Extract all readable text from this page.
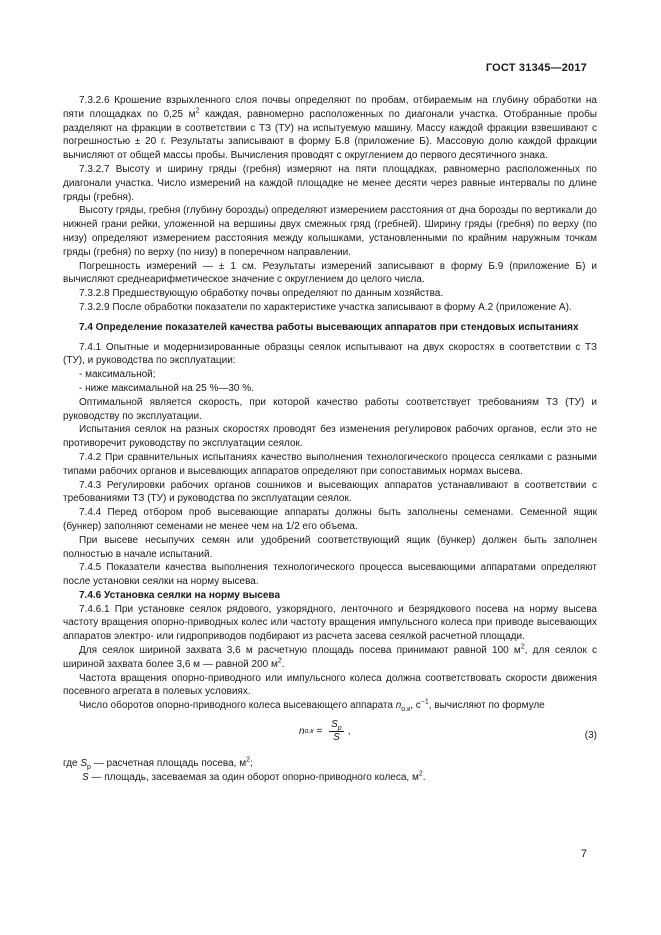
ГОСТ 31345—2017

7.3.2.6 Крошение взрыхленного слоя почвы определяют по пробам, отбираемым на глубину обработки на пяти площадках по 0,25 $м^2$ каждая, равномерно расположенных по диагонали участка. Отобранные пробы разделяют на фракции в соответствии с ТЗ (ТУ) на испытуемую машину. Массу каждой фракции взвешивают с погрешностью ± 20 г. Результаты записывают в форму Б.8 (приложение Б). Массовую долю каждой фракции вычисляют от общей массы пробы. Вычисления проводят с округлением до первого десятичного знака.

7.3.2.7 Высоту и ширину гряды (гребня) измеряют на пяти площадках, равномерно расположенных по диагонали участка. Число измерений на каждой площадке не менее десяти через равные интервалы по длине гряды (гребня).

Высоту гряды, гребня (глубину борозды) определяют измерением расстояния от дна борозды по вертикали до нижней грани рейки, уложенной на вершины двух смежных гряд (гребней). Ширину гряды (гребня) по верху (по низу) определяют измерением расстояния между колышками, установленными по крайним наружным точкам гряды (гребня) по верху (по низу) в поперечном направлении.

Погрешность измерений — ± 1 см. Результаты измерений записывают в форму Б.9 (приложение Б) и вычисляют среднеарифметическое значение с округлением до целого числа.

7.3.2.8 Предшествующую обработку почвы определяют по данным хозяйства.

7.3.2.9 После обработки показатели по характеристике участка записывают в форму А.2 (приложение А).

7.4 Определение показателей качества работы высевающих аппаратов при стендовых испытаниях

7.4.1 Опытные и модернизированные образцы сеялок испытывают на двух скоростях в соответствии с ТЗ (ТУ), и руководства по эксплуатации:

- максимальной;

- ниже максимальной на 25 %—30 %.

Оптимальной является скорость, при которой качество работы соответствует требованиям ТЗ (ТУ) и руководству по эксплуатации.

Испытания сеялок на разных скоростях проводят без изменения регулировок рабочих органов, если это не противоречит руководству по эксплуатации сеялок.

7.4.2 При сравнительных испытаниях качество выполнения технологического процесса сеялками с разными типами рабочих органов и высевающих аппаратов определяют при сопоставимых нормах высева.

7.4.3 Регулировки рабочих органов сошников и высевающих аппаратов устанавливают в соответствии с требованиями ТЗ (ТУ) и руководства по эксплуатации сеялок.

7.4.4 Перед отбором проб высевающие аппараты должны быть заполнены семенами. Семенной ящик (бункер) заполняют семенами не менее чем на 1/2 его объема.

При высеве несыпучих семян или удобрений соответствующий ящик (бункер) должен быть заполнен полностью в начале испытаний.

7.4.5 Показатели качества выполнения технологического процесса высевающими аппаратами определяют после установки сеялки на норму высева.

7.4.6 Установка сеялки на норму высева

7.4.6.1 При установке сеялок рядового, узкорядного, ленточного и безрядкового посева на норму высева частоту вращения опорно-приводных колес или частоту вращения импульсного колеса при приводе высевающих аппаратов электро- или гидроприводов подбирают из расчета засева сеялкой расчетной площади.

Для сеялок шириной захвата 3,6 м расчетную площадь посева принимают равной 100 $м^2$, для сеялок с шириной захвата более 3,6 м — равной 200 $м^2$.

Частота вращения опорно-приводного или импульсного колеса должна соответствовать скорости движения посевного агрегата в полевых условиях.

Число оборотов опорно-приводного колеса высевающего аппарата $n_{о.к}$, $с^{-1}$, вычисляют по формуле

n $о.к = \frac{S_р}{S}$ ,	(3)

где $S_р$ — расчетная площадь посева, $м^2$;

S — площадь, засеваемая за один оборот опорно-приводного колеса, $м^2$.

7
